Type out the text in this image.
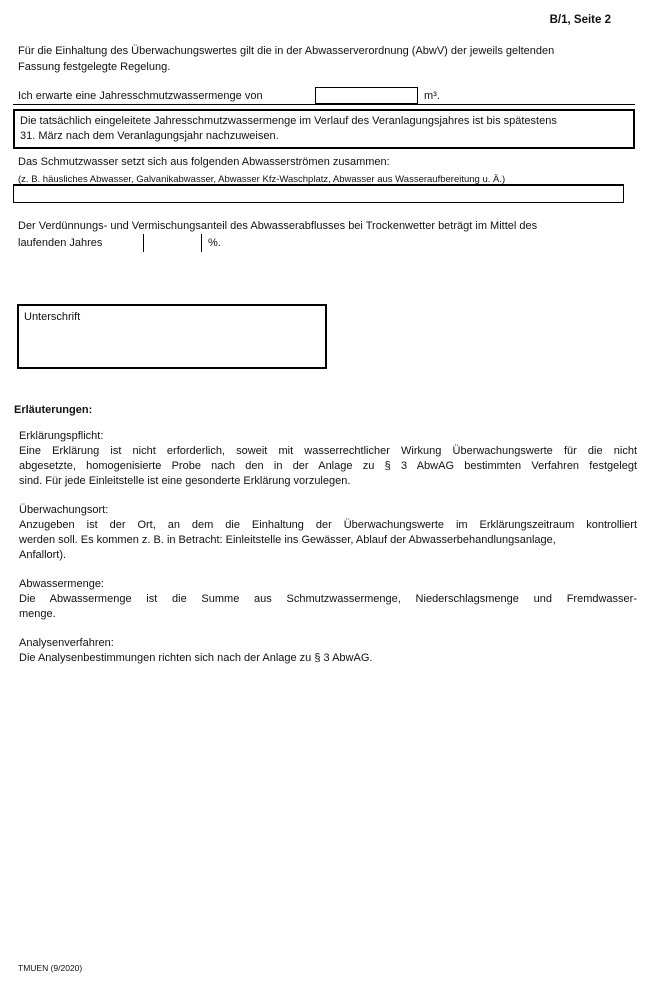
B/1, Seite 2
Für die Einhaltung des Überwachungswertes gilt die in der Abwasserverordnung (AbwV) der jeweils geltenden
Fassung festgelegte Regelung.
Ich erwarte eine Jahresschmutzwassermenge von	m³.
Die tatsächlich eingeleitete Jahresschmutzwassermenge im Verlauf des Veranlagungsjahres ist bis spätestens
31. März nach dem Veranlagungsjahr nachzuweisen.
Das Schmutzwasser setzt sich aus folgenden Abwasserströmen zusammen:
(z. B. häusliches Abwasser, Galvanikabwasser, Abwasser Kfz-Waschplatz, Abwasser aus Wasseraufbereitung u. Ä.)
Der Verdünnungs- und Vermischungsanteil des Abwasserabflusses bei Trockenwetter beträgt im Mittel des
laufenden Jahres	%.
Unterschrift
Erläuterungen:
Erklärungspflicht:
Eine Erklärung ist nicht erforderlich, soweit mit wasserrechtlicher Wirkung Überwachungswerte für die nicht
abgesetzte, homogenisierte Probe nach den in der Anlage zu § 3 AbwAG bestimmten Verfahren festgelegt
sind. Für jede Einleitstelle ist eine gesonderte Erklärung vorzulegen.
Überwachungsort:
Anzugeben ist der Ort, an dem die Einhaltung der Überwachungswerte im Erklärungszeitraum kontrolliert
werden soll. Es kommen z. B. in Betracht: Einleitstelle ins Gewässer, Ablauf der Abwasserbehandlungsanlage,
Anfallort).
Abwassermenge:
Die Abwassermenge ist die Summe aus Schmutzwassermenge, Niederschlagsmenge und Fremdwasser-
menge.
Analysenverfahren:
Die Analysenbestimmungen richten sich nach der Anlage zu § 3 AbwAG.
TMUEN (9/2020)
